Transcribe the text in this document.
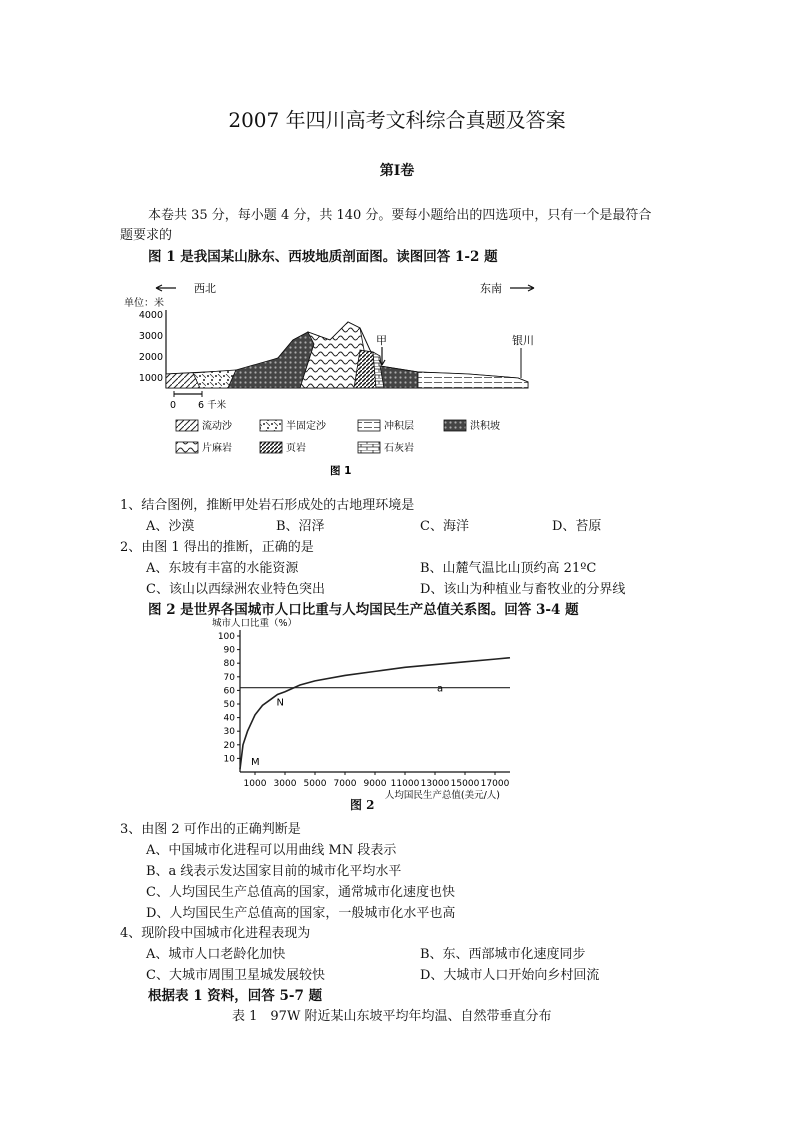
2007 年四川高考文科综合真题及答案
第Ⅰ卷
本卷共 35 分，每小题 4 分，共 140 分。要每小题给出的四选项中，只有一个是最符合
题要求的
图 1 是我国某山脉东、西坡地质剖面图。读图回答 1-2 题
西北	东南
单位：米
4000
3000
2000
1000
甲	银川
0 6 千米
流动沙	半固定沙	冲积层	洪积坡
片麻岩	页岩	石灰岩
图 1
1、结合图例，推断甲处岩石形成处的古地理环境是
A、沙漠	B、沼泽	C、海洋	D、苔原
2、由图 1 得出的推断，正确的是
A、东坡有丰富的水能资源	B、山麓气温比山顶约高 21ºC
C、该山以西绿洲农业特色突出	D、该山为种植业与畜牧业的分界线
图 2 是世界各国城市人口比重与人均国民生产总值关系图。回答 3-4 题
城市人口比重（%）
10
20
30
40
50
60
70
80
90
100
1000 3000 5000 7000 9000 11000 13000 15000 17000
a
N
M
人均国民生产总值(美元/人)
图 2
3、由图 2 可作出的正确判断是
A、中国城市化进程可以用曲线 MN 段表示
B、a 线表示发达国家目前的城市化平均水平
C、人均国民生产总值高的国家，通常城市化速度也快
D、人均国民生产总值高的国家，一般城市化水平也高
4、现阶段中国城市化进程表现为
A、城市人口老龄化加快	B、东、西部城市化速度同步
C、大城市周围卫星城发展较快	D、大城市人口开始向乡村回流
根据表 1 资料，回答 5-7 题
表 1　97W 附近某山东坡平均年均温、自然带垂直分布
